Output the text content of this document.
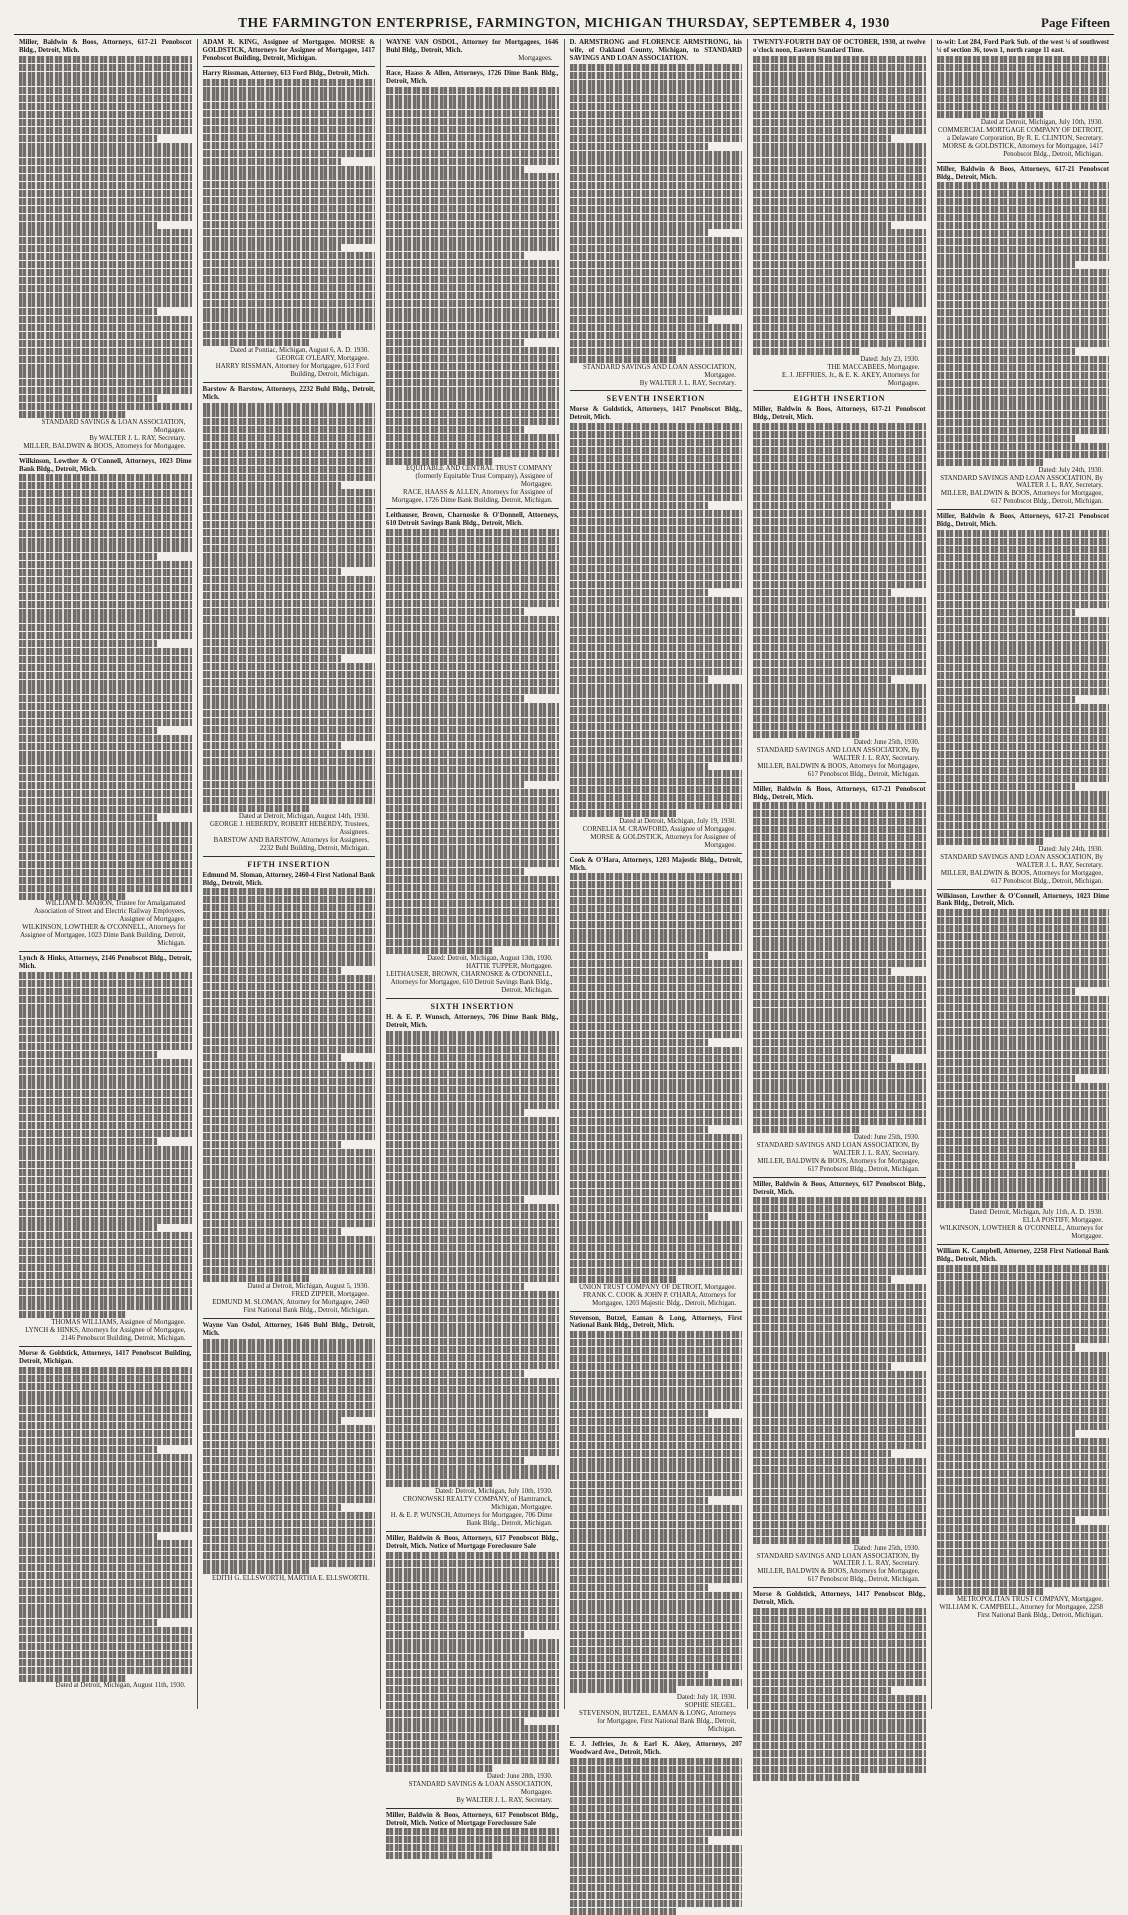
THE FARMINGTON ENTERPRISE, FARMINGTON, MICHIGAN THURSDAY, SEPTEMBER 4, 1930	Page Fifteen
Miller, Baldwin & Boos, Attorneys, 617-21 Penobscot Bldg., Detroit, Mich.
STANDARD SAVINGS & LOAN ASSOCIATION, Mortgagee.
By WALTER J. L. RAY, Secretary.
MILLER, BALDWIN & BOOS, Attorneys for Mortgagee.
Wilkinson, Lowther & O'Connell, Attorneys, 1023 Dime Bank Bldg., Detroit, Mich.
WILLIAM D. MAHON, Trustee for Amalgamated Association of Street and Electric Railway Employees, Assignee of Mortgagee.
WILKINSON, LOWTHER & O'CONNELL, Attorneys for Assignee of Mortgagee, 1023 Dime Bank Building, Detroit, Michigan.
Lynch & Hinks, Attorneys, 2146 Penobscot Bldg., Detroit, Mich.
THOMAS WILLIAMS, Assignee of Mortgagee.
LYNCH & HINKS, Attorneys for Assignee of Mortgagee, 2146 Penobscot Building, Detroit, Michigan.
Morse & Goldstick, Attorneys, 1417 Penobscot Building, Detroit, Michigan.
Dated at Detroit, Michigan, August 11th, 1930.
ADAM R. KING, Assignee of Mortgagee. MORSE & GOLDSTICK, Attorneys for Assignee of Mortgagee, 1417 Penobscot Building, Detroit, Michigan.
Harry Rissman, Attorney, 613 Ford Bldg., Detroit, Mich.
Dated at Pontiac, Michigan, August 6, A. D. 1930.
GEORGE O'LEARY, Mortgagee.
HARRY RISSMAN, Attorney for Mortgagee, 613 Ford Building, Detroit, Michigan.
Barstow & Barstow, Attorneys, 2232 Buhl Bldg., Detroit, Mich.
Dated at Detroit, Michigan, August 14th, 1930.
GEORGE J. HEBERDY, ROBERT HEBERDY, Trustees, Assignees.
BARSTOW AND BARSTOW, Attorneys for Assignees, 2232 Buhl Building, Detroit, Michigan.
FIFTH INSERTION
Edmund M. Sloman, Attorney, 2460-4 First National Bank Bldg., Detroit, Mich.
Dated at Detroit, Michigan, August 5, 1930.
FRED ZIPPER, Mortgagee.
EDMUND M. SLOMAN, Attorney for Mortgagee, 2460 First National Bank Bldg., Detroit, Michigan.
Wayne Van Osdol, Attorney, 1646 Buhl Bldg., Detroit, Mich.
EDITH G. ELLSWORTH, MARTHA E. ELLSWORTH.
WAYNE VAN OSDOL, Attorney for Mortgagees, 1646 Buhl Bldg., Detroit, Mich.
Mortgagees.
Race, Haass & Allen, Attorneys, 1726 Dime Bank Bldg., Detroit, Mich.
EQUITABLE AND CENTRAL TRUST COMPANY (formerly Equitable Trust Company), Assignee of Mortgagee.
RACE, HAASS & ALLEN, Attorneys for Assignee of Mortgagee, 1726 Dime Bank Building, Detroit, Michigan.
Leithauser, Brown, Charnoske & O'Donnell, Attorneys, 610 Detroit Savings Bank Bldg., Detroit, Mich.
Dated: Detroit, Michigan, August 13th, 1930.
HATTIE TUPPER, Mortgagee.
LEITHAUSER, BROWN, CHARNOSKE & O'DONNELL, Attorneys for Mortgagee, 610 Detroit Savings Bank Bldg., Detroit, Michigan.
SIXTH INSERTION
H. & E. P. Wunsch, Attorneys, 706 Dime Bank Bldg., Detroit, Mich.
Dated: Detroit, Michigan, July 10th, 1930.
CRONOWSKI REALTY COMPANY, of Hamtramck, Michigan, Mortgagee.
H. & E. P. WUNSCH, Attorneys for Mortgagee, 706 Dime Bank Bldg., Detroit, Michigan.
Miller, Baldwin & Boos, Attorneys, 617 Penobscot Bldg., Detroit, Mich. Notice of Mortgage Foreclosure Sale
Dated: June 28th, 1930.
STANDARD SAVINGS & LOAN ASSOCIATION, Mortgagee.
By WALTER J. L. RAY, Secretary.
Miller, Baldwin & Boos, Attorneys, 617 Penobscot Bldg., Detroit, Mich. Notice of Mortgage Foreclosure Sale
D. ARMSTRONG and FLORENCE ARMSTRONG, his wife, of Oakland County, Michigan, to STANDARD SAVINGS AND LOAN ASSOCIATION.
STANDARD SAVINGS AND LOAN ASSOCIATION, Mortgagee.
By WALTER J. L. RAY, Secretary.
SEVENTH INSERTION
Morse & Goldstick, Attorneys, 1417 Penobscot Bldg., Detroit, Mich.
Dated at Detroit, Michigan, July 19, 1930.
CORNELIA M. CRAWFORD, Assignee of Mortgagee.
MORSE & GOLDSTICK, Attorneys for Assignee of Mortgagee.
Cook & O'Hara, Attorneys, 1203 Majestic Bldg., Detroit, Mich.
UNION TRUST COMPANY OF DETROIT, Mortgagee.
FRANK C. COOK & JOHN P. O'HARA, Attorneys for Mortgagee, 1203 Majestic Bldg., Detroit, Michigan.
Stevenson, Butzel, Eaman & Long, Attorneys, First National Bank Bldg., Detroit, Mich.
Dated: July 18, 1930.
SOPHIE SIEGEL.
STEVENSON, BUTZEL, EAMAN & LONG, Attorneys for Mortgagee, First National Bank Bldg., Detroit, Michigan.
E. J. Jeffries, Jr. & Earl K. Akey, Attorneys, 207 Woodward Ave., Detroit, Mich.
TWENTY-FOURTH DAY OF OCTOBER, 1930, at twelve o'clock noon, Eastern Standard Time.
Dated: July 23, 1930.
THE MACCABEES, Mortgagee.
E. J. JEFFRIES, Jr., & E. K. AKEY, Attorneys for Mortgagee.
EIGHTH INSERTION
Miller, Baldwin & Boos, Attorneys, 617-21 Penobscot Bldg., Detroit, Mich.
Dated: June 25th, 1930.
STANDARD SAVINGS AND LOAN ASSOCIATION, By WALTER J. L. RAY, Secretary.
MILLER, BALDWIN & BOOS, Attorneys for Mortgagee, 617 Penobscot Bldg., Detroit, Michigan.
Miller, Baldwin & Boos, Attorneys, 617-21 Penobscot Bldg., Detroit, Mich.
Dated: June 25th, 1930.
STANDARD SAVINGS AND LOAN ASSOCIATION, By WALTER J. L. RAY, Secretary.
MILLER, BALDWIN & BOOS, Attorneys for Mortgagee, 617 Penobscot Bldg., Detroit, Michigan.
Miller, Baldwin & Boos, Attorneys, 617 Penobscot Bldg., Detroit, Mich.
Dated: June 25th, 1930.
STANDARD SAVINGS AND LOAN ASSOCIATION, By WALTER J. L. RAY, Secretary.
MILLER, BALDWIN & BOOS, Attorneys for Mortgagee, 617 Penobscot Bldg., Detroit, Michigan.
Morse & Goldstick, Attorneys, 1417 Penobscot Bldg., Detroit, Mich.
to-wit: Lot 284, Ford Park Sub. of the west ¼ of southwest ¼ of section 36, town 1, north range 11 east.
Dated at Detroit, Michigan, July 10th, 1930.
COMMERCIAL MORTGAGE COMPANY OF DETROIT, a Delaware Corporation, By R. E. CLINTON, Secretary.
MORSE & GOLDSTICK, Attorneys for Mortgagee, 1417 Penobscot Bldg., Detroit, Michigan.
Miller, Baldwin & Boos, Attorneys, 617-21 Penobscot Bldg., Detroit, Mich.
Dated: July 24th, 1930.
STANDARD SAVINGS AND LOAN ASSOCIATION, By WALTER J. L. RAY, Secretary.
MILLER, BALDWIN & BOOS, Attorneys for Mortgagee, 617 Penobscot Bldg., Detroit, Michigan.
Miller, Baldwin & Boos, Attorneys, 617-21 Penobscot Bldg., Detroit, Mich.
Dated: July 24th, 1930.
STANDARD SAVINGS AND LOAN ASSOCIATION, By WALTER J. L. RAY, Secretary.
MILLER, BALDWIN & BOOS, Attorneys for Mortgagee, 617 Penobscot Bldg., Detroit, Michigan.
Wilkinson, Lowther & O'Connell, Attorneys, 1023 Dime Bank Bldg., Detroit, Mich.
Dated: Detroit, Michigan, July 11th, A. D. 1930.
ELLA POSTIFF, Mortgagee.
WILKINSON, LOWTHER & O'CONNELL, Attorneys for Mortgagee.
William K. Campbell, Attorney, 2258 First National Bank Bldg., Detroit, Mich.
METROPOLITAN TRUST COMPANY, Mortgagee.
WILLIAM K. CAMPBELL, Attorney for Mortgagee, 2258 First National Bank Bldg., Detroit, Michigan.
